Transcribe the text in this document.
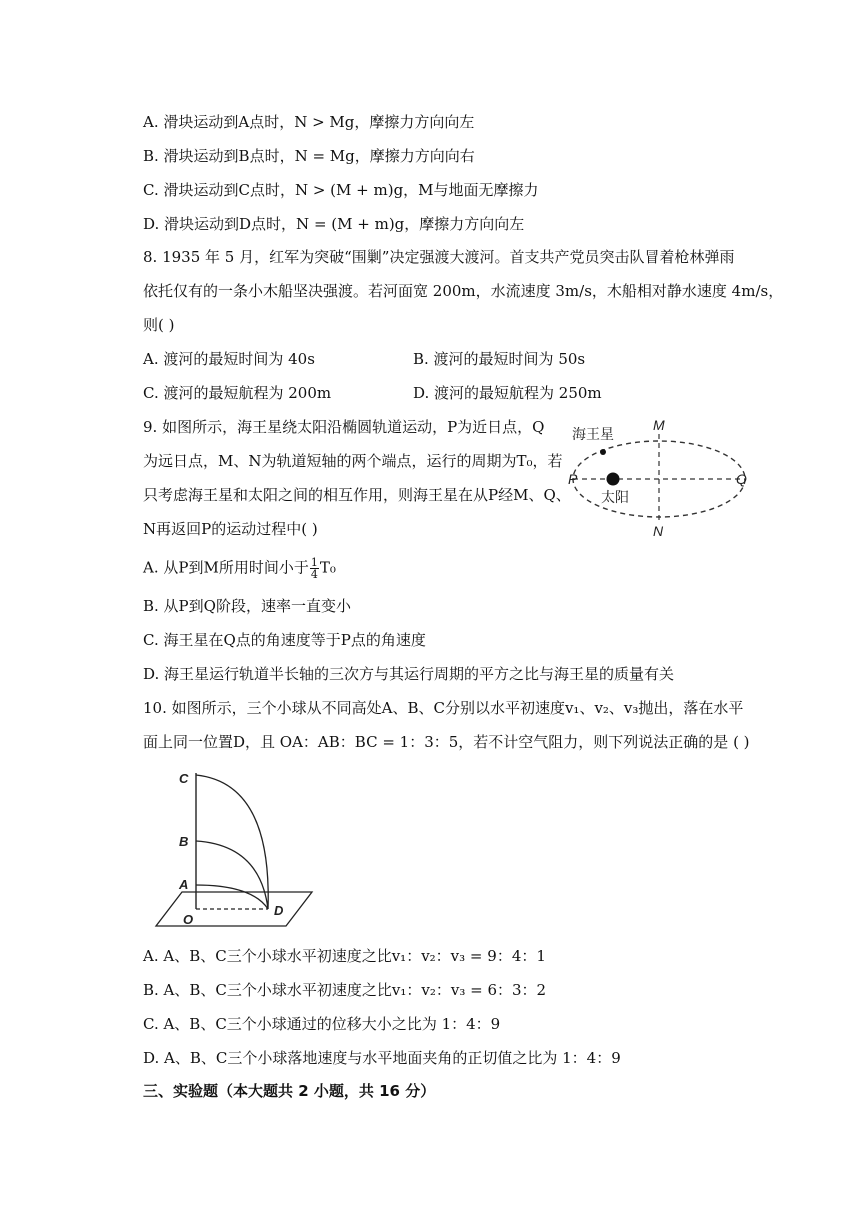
A. 滑块运动到A点时，N > Mg，摩擦力方向向左
B. 滑块运动到B点时，N = Mg，摩擦力方向向右
C. 滑块运动到C点时，N > (M + m)g，M与地面无摩擦力
D. 滑块运动到D点时，N = (M + m)g，摩擦力方向向左
8. 1935 年 5 月，红军为突破“围剿”决定强渡大渡河。首支共产党员突击队冒着枪林弹雨
依托仅有的一条小木船坚决强渡。若河面宽 200m，水流速度 3m/s，木船相对静水速度 4m/s，
则( )
A. 渡河的最短时间为 40s	B. 渡河的最短时间为 50s
C. 渡河的最短航程为 200m	D. 渡河的最短航程为 250m
9. 如图所示，海王星绕太阳沿椭圆轨道运动，P为近日点，Q
为远日点，M、N为轨道短轴的两个端点，运行的周期为T₀，若
只考虑海王星和太阳之间的相互作用，则海王星在从P经M、Q、
N再返回P的运动过程中( )
海王星
太阳
M
N
P	Q
A. 从P到M所用时间小于 $\frac{1}{4} T_0$
B. 从P到Q阶段，速率一直变小
C. 海王星在Q点的角速度等于P点的角速度
D. 海王星运行轨道半长轴的三次方与其运行周期的平方之比与海王星的质量有关
10. 如图所示，三个小球从不同高处A、B、C分别以水平初速度v₁、v₂、v₃抛出，落在水平
面上同一位置D，且 OA：AB：BC = 1：3：5，若不计空气阻力，则下列说法正确的是 ( )
C
B
A
O
D
A. A、B、C三个小球水平初速度之比v₁：v₂：v₃ = 9：4：1
B. A、B、C三个小球水平初速度之比v₁：v₂：v₃ = 6：3：2
C. A、B、C三个小球通过的位移大小之比为 1：4：9
D. A、B、C三个小球落地速度与水平地面夹角的正切值之比为 1：4：9
三、实验题（本大题共 2 小题，共 16 分）
